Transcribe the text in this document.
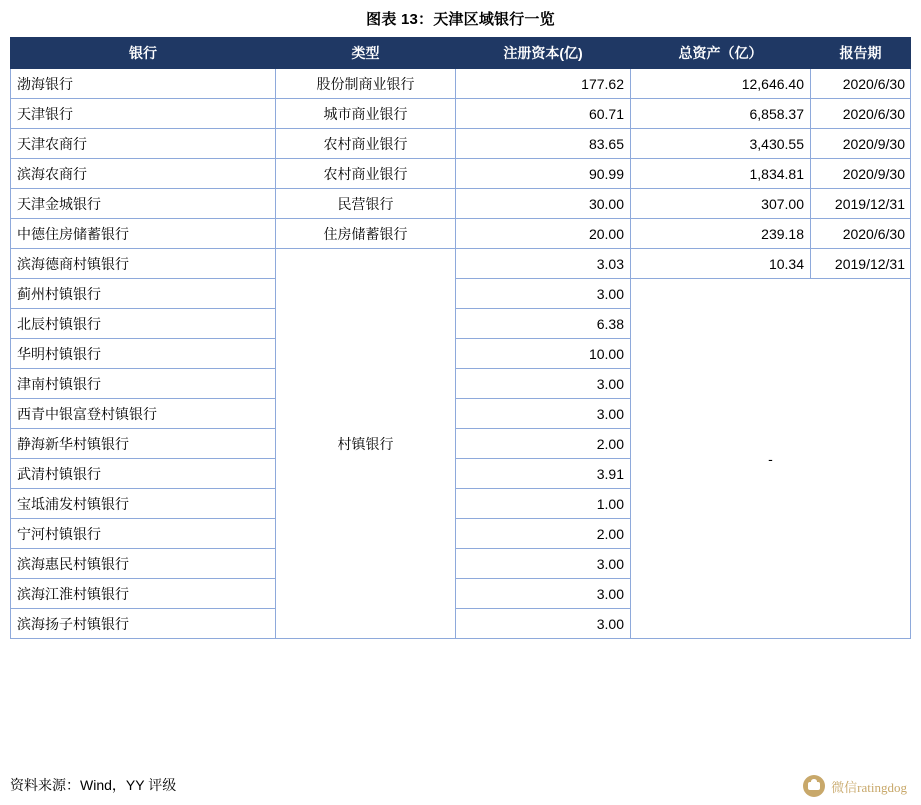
图表 13：天津区域银行一览
银行	类型	注册资本(亿)	总资产（亿）	报告期
渤海银行	股份制商业银行	177.62	12,646.40	2020/6/30
天津银行	城市商业银行	60.71	6,858.37	2020/6/30
天津农商行	农村商业银行	83.65	3,430.55	2020/9/30
滨海农商行	农村商业银行	90.99	1,834.81	2020/9/30
天津金城银行	民营银行	30.00	307.00	2019/12/31
中德住房储蓄银行	住房储蓄银行	20.00	239.18	2020/6/30
滨海德商村镇银行	村镇银行	3.03	10.34	2019/12/31
蓟州村镇银行		3.00	-	
北辰村镇银行		6.38		
华明村镇银行		10.00		
津南村镇银行		3.00		
西青中银富登村镇银行		3.00		
静海新华村镇银行		2.00		
武清村镇银行		3.91		
宝坻浦发村镇银行		1.00		
宁河村镇银行		2.00		
滨海惠民村镇银行		3.00		
滨海江淮村镇银行		3.00		
滨海扬子村镇银行		3.00		
资料来源：Wind，YY 评级	微信ratingdog
